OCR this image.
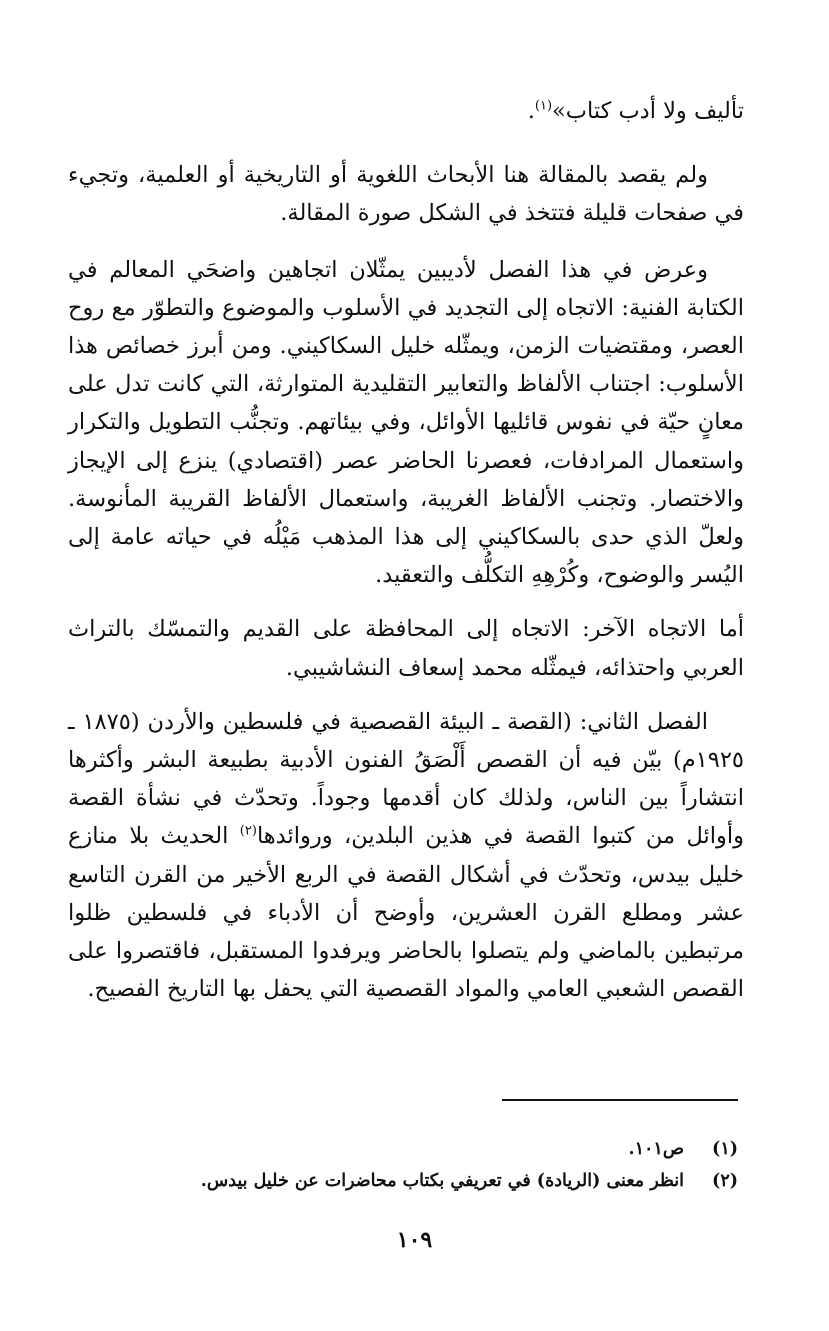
تأليف ولا أدب كتاب»$^{(١)}$.

ولم يقصد بالمقالة هنا الأبحاث اللغوية أو التاريخية أو العلمية، وتجيء في صفحات قليلة فتتخذ في الشكل صورة المقالة.

وعرض في هذا الفصل لأديبين يمثّلان اتجاهين واضحَي المعالم في الكتابة الفنية: الاتجاه إلى التجديد في الأسلوب والموضوع والتطوّر مع روح العصر، ومقتضيات الزمن، ويمثّله خليل السكاكيني. ومن أبرز خصائص هذا الأسلوب: اجتناب الألفاظ والتعابير التقليدية المتوارثة، التي كانت تدل على معانٍ حيّة في نفوس قائليها الأوائل، وفي بيئاتهم. وتجنُّب التطويل والتكرار واستعمال المرادفات، فعصرنا الحاضر عصر (اقتصادي) ينزع إلى الإيجاز والاختصار. وتجنب الألفاظ الغريبة، واستعمال الألفاظ القريبة المأنوسة. ولعلّ الذي حدى بالسكاكيني إلى هذا المذهب مَيْلُه في حياته عامة إلى اليُسر والوضوح، وكُرْهِهِ التكلُّف والتعقيد.

أما الاتجاه الآخر: الاتجاه إلى المحافظة على القديم والتمسّك بالتراث العربي واحتذائه، فيمثّله محمد إسعاف النشاشيبي.

الفصل الثاني: (القصة ـ البيئة القصصية في فلسطين والأردن (١٨٧٥ ـ ١٩٢٥م) بيّن فيه أن القصص أَلْصَقُ الفنون الأدبية بطبيعة البشر وأكثرها انتشاراً بين الناس، ولذلك كان أقدمها وجوداً. وتحدّث في نشأة القصة وأوائل من كتبوا القصة في هذين البلدين، وروائدها$^{(٢)}$ الحديث بلا منازع خليل بيدس، وتحدّث في أشكال القصة في الربع الأخير من القرن التاسع عشر ومطلع القرن العشرين، وأوضح أن الأدباء في فلسطين ظلوا مرتبطين بالماضي ولم يتصلوا بالحاضر ويرفدوا المستقبل، فاقتصروا على القصص الشعبي العامي والمواد القصصية التي يحفل بها التاريخ الفصيح.

(١)
ص١٠١.
(٢)
انظر معنى (الريادة) في تعريفي بكتاب محاضرات عن خليل بيدس.
١٠٩
